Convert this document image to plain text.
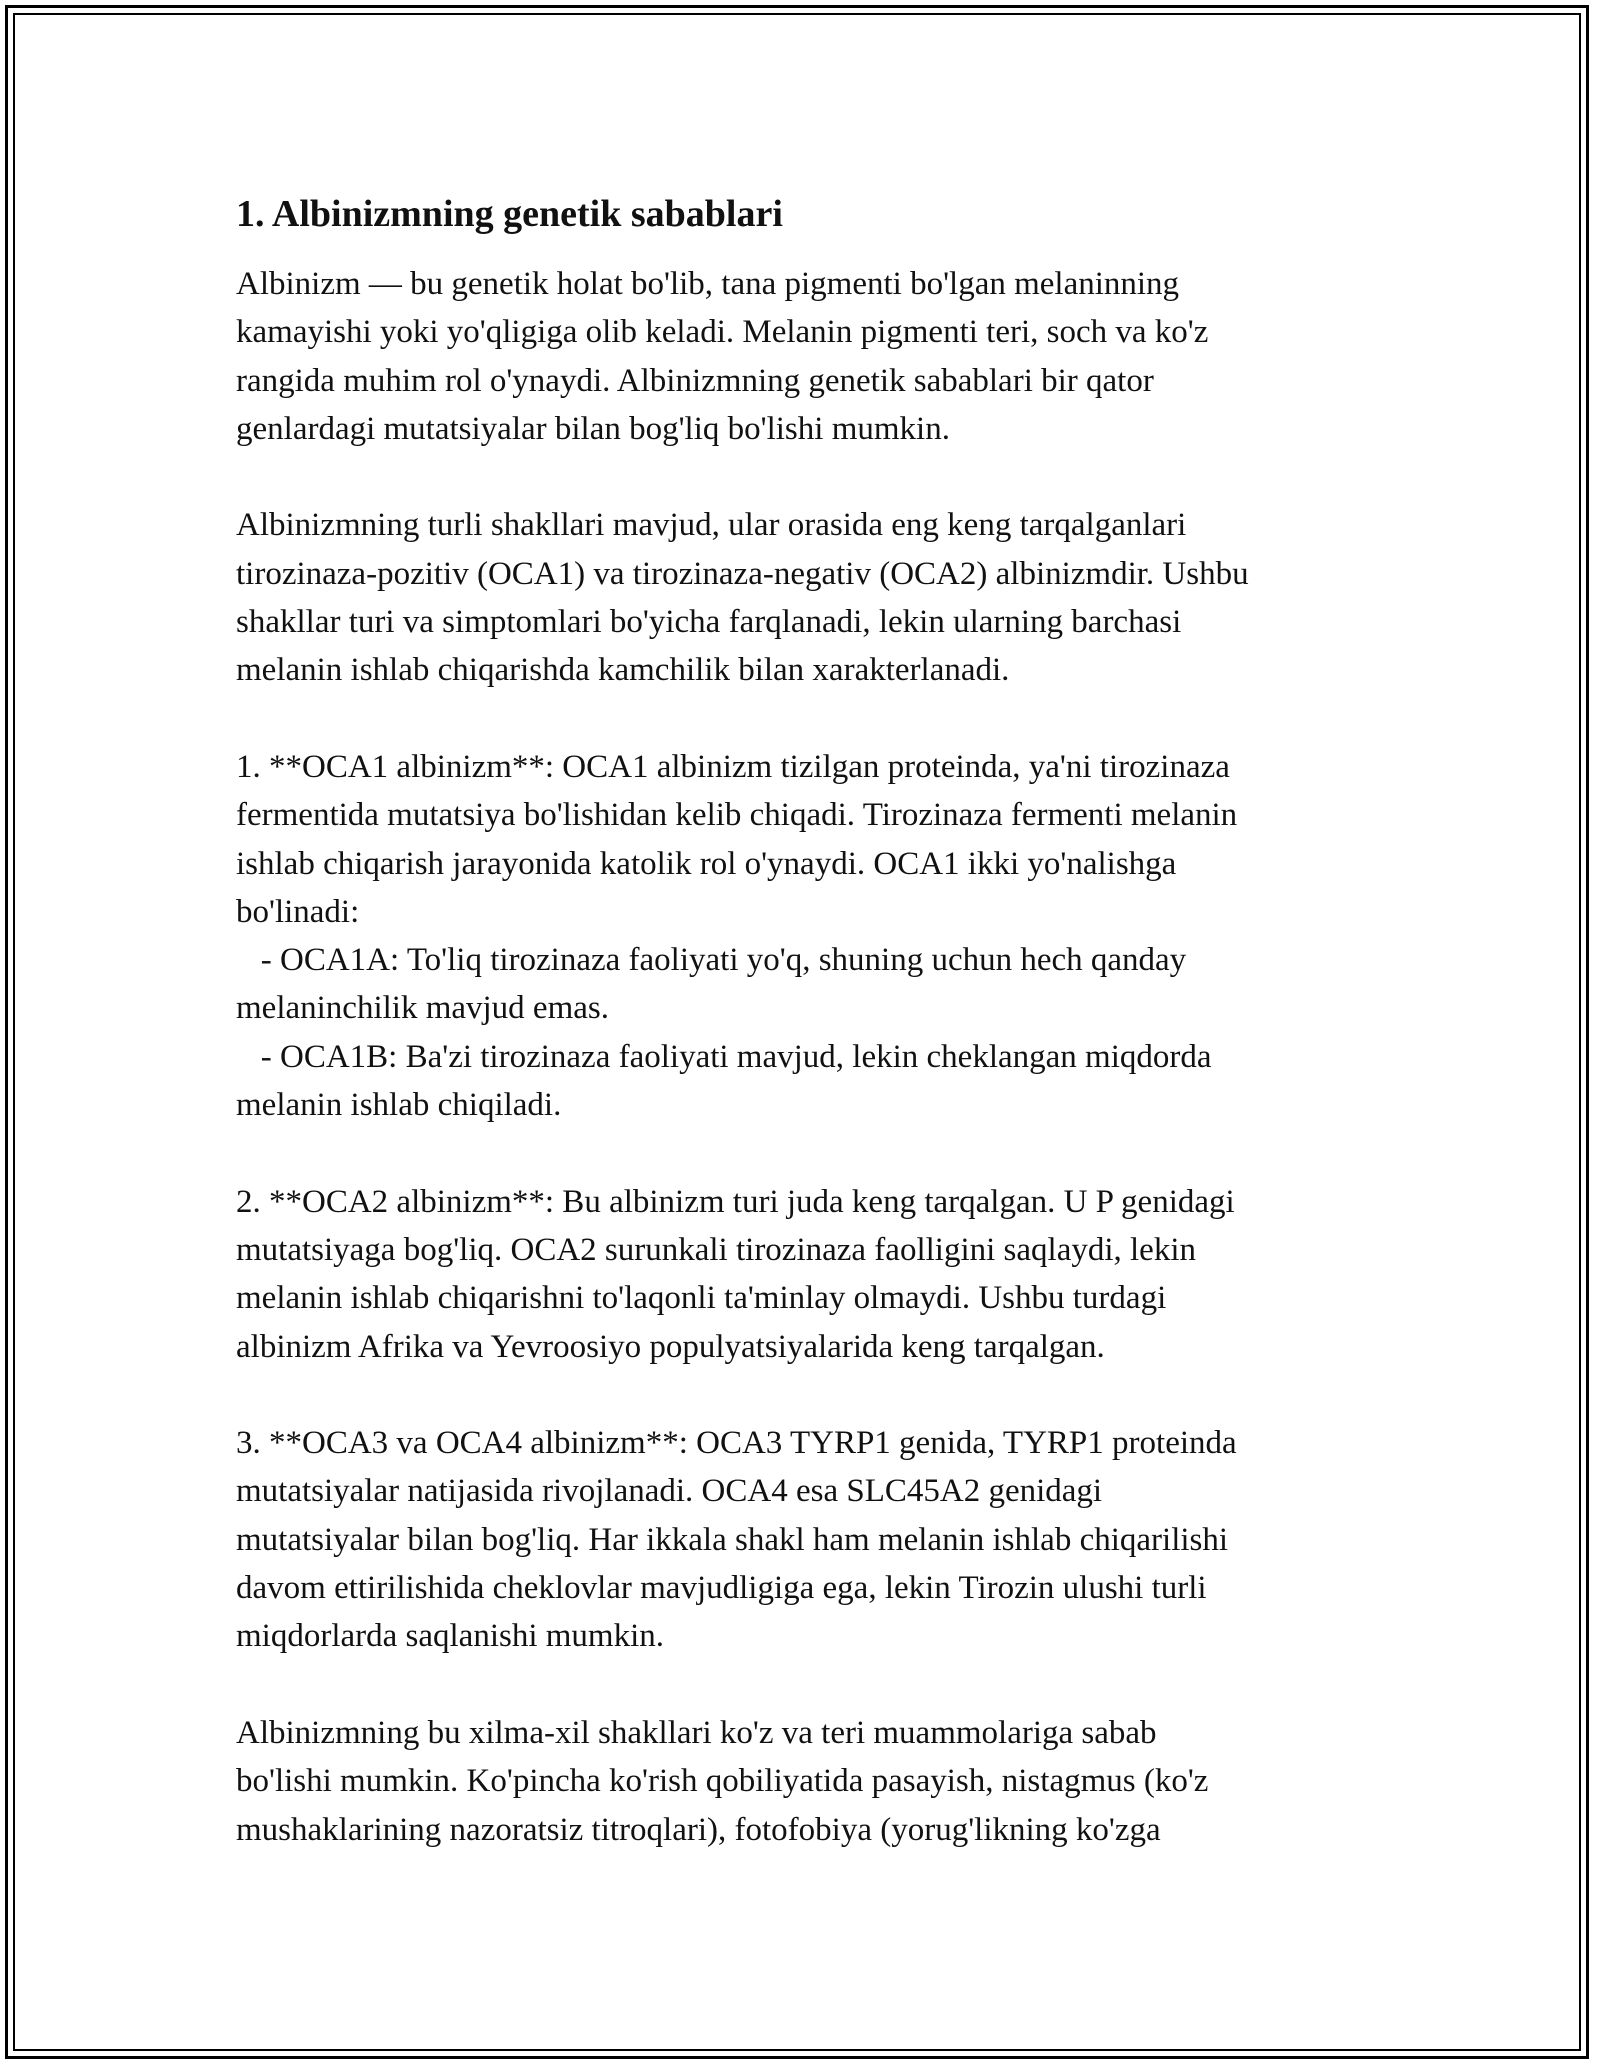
1. Albinizmning genetik sabablari

Albinizm — bu genetik holat bo'lib, tana pigmenti bo'lgan melaninning
kamayishi yoki yo'qligiga olib keladi. Melanin pigmenti teri, soch va ko'z
rangida muhim rol o'ynaydi. Albinizmning genetik sabablari bir qator
genlardagi mutatsiyalar bilan bog'liq bo'lishi mumkin.

Albinizmning turli shakllari mavjud, ular orasida eng keng tarqalganlari
tirozinaza-pozitiv (OCA1) va tirozinaza-negativ (OCA2) albinizmdir. Ushbu
shakllar turi va simptomlari bo'yicha farqlanadi, lekin ularning barchasi
melanin ishlab chiqarishda kamchilik bilan xarakterlanadi.

1. **OCA1 albinizm**: OCA1 albinizm tizilgan proteinda, ya'ni tirozinaza
fermentida mutatsiya bo'lishidan kelib chiqadi. Tirozinaza fermenti melanin
ishlab chiqarish jarayonida katolik rol o'ynaydi. OCA1 ikki yo'nalishga
bo'linadi:
- OCA1A: To'liq tirozinaza faoliyati yo'q, shuning uchun hech qanday
melaninchilik mavjud emas.
- OCA1B: Ba'zi tirozinaza faoliyati mavjud, lekin cheklangan miqdorda
melanin ishlab chiqiladi.

2. **OCA2 albinizm**: Bu albinizm turi juda keng tarqalgan. U P genidagi
mutatsiyaga bog'liq. OCA2 surunkali tirozinaza faolligini saqlaydi, lekin
melanin ishlab chiqarishni to'laqonli ta'minlay olmaydi. Ushbu turdagi
albinizm Afrika va Yevroosiyo populyatsiyalarida keng tarqalgan.

3. **OCA3 va OCA4 albinizm**: OCA3 TYRP1 genida, TYRP1 proteinda
mutatsiyalar natijasida rivojlanadi. OCA4 esa SLC45A2 genidagi
mutatsiyalar bilan bog'liq. Har ikkala shakl ham melanin ishlab chiqarilishi
davom ettirilishida cheklovlar mavjudligiga ega, lekin Tirozin ulushi turli
miqdorlarda saqlanishi mumkin.

Albinizmning bu xilma-xil shakllari ko'z va teri muammolariga sabab
bo'lishi mumkin. Ko'pincha ko'rish qobiliyatida pasayish, nistagmus (ko'z
mushaklarining nazoratsiz titroqlari), fotofobiya (yorug'likning ko'zga
